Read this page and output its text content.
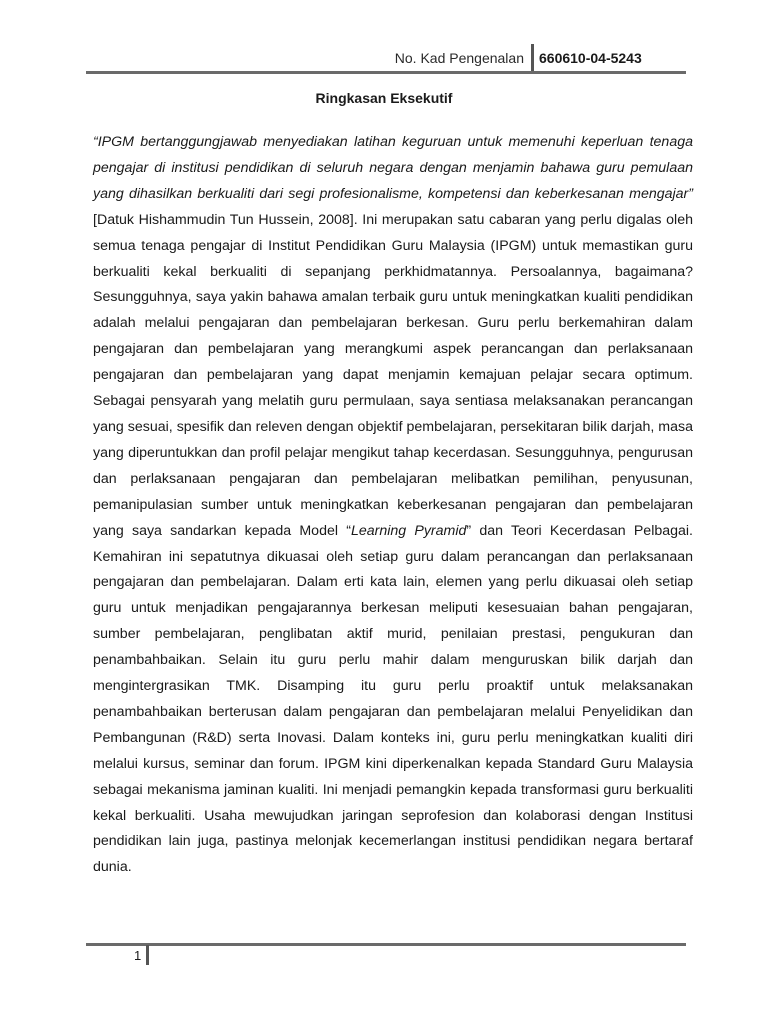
No. Kad Pengenalan 660610-04-5243
Ringkasan Eksekutif

“IPGM bertanggungjawab menyediakan latihan keguruan untuk memenuhi keperluan tenaga pengajar di institusi pendidikan di seluruh negara dengan menjamin bahawa guru pemulaan yang dihasilkan berkualiti dari segi profesionalisme, kompetensi dan keberkesanan mengajar” [Datuk Hishammudin Tun Hussein, 2008]. Ini merupakan satu cabaran yang perlu digalas oleh semua tenaga pengajar di Institut Pendidikan Guru Malaysia (IPGM) untuk memastikan guru berkualiti kekal berkualiti di sepanjang perkhidmatannya. Persoalannya, bagaimana? Sesungguhnya, saya yakin bahawa amalan terbaik guru untuk meningkatkan kualiti pendidikan adalah melalui pengajaran dan pembelajaran berkesan. Guru perlu berkemahiran dalam pengajaran dan pembelajaran yang merangkumi aspek perancangan dan perlaksanaan pengajaran dan pembelajaran yang dapat menjamin kemajuan pelajar secara optimum. Sebagai pensyarah yang melatih guru permulaan, saya sentiasa melaksanakan perancangan yang sesuai, spesifik dan releven dengan objektif pembelajaran, persekitaran bilik darjah, masa yang diperuntukkan dan profil pelajar mengikut tahap kecerdasan. Sesungguhnya, pengurusan dan perlaksanaan pengajaran dan pembelajaran melibatkan pemilihan, penyusunan, pemanipulasian sumber untuk meningkatkan keberkesanan pengajaran dan pembelajaran yang saya sandarkan kepada Model “Learning Pyramid” dan Teori Kecerdasan Pelbagai. Kemahiran ini sepatutnya dikuasai oleh setiap guru dalam perancangan dan perlaksanaan pengajaran dan pembelajaran. Dalam erti kata lain, elemen yang perlu dikuasai oleh setiap guru untuk menjadikan pengajarannya berkesan meliputi kesesuaian bahan pengajaran, sumber pembelajaran, penglibatan aktif murid, penilaian prestasi, pengukuran dan penambahbaikan. Selain itu guru perlu mahir dalam menguruskan bilik darjah dan mengintergrasikan TMK. Disamping itu guru perlu proaktif untuk melaksanakan penambahbaikan berterusan dalam pengajaran dan pembelajaran melalui Penyelidikan dan Pembangunan (R&D) serta Inovasi. Dalam konteks ini, guru perlu meningkatkan kualiti diri melalui kursus, seminar dan forum. IPGM kini diperkenalkan kepada Standard Guru Malaysia sebagai mekanisma jaminan kualiti. Ini menjadi pemangkin kepada transformasi guru berkualiti kekal berkualiti. Usaha mewujudkan jaringan seprofesion dan kolaborasi dengan Institusi pendidikan lain juga, pastinya melonjak kecemerlangan institusi pendidikan negara bertaraf dunia.

1
